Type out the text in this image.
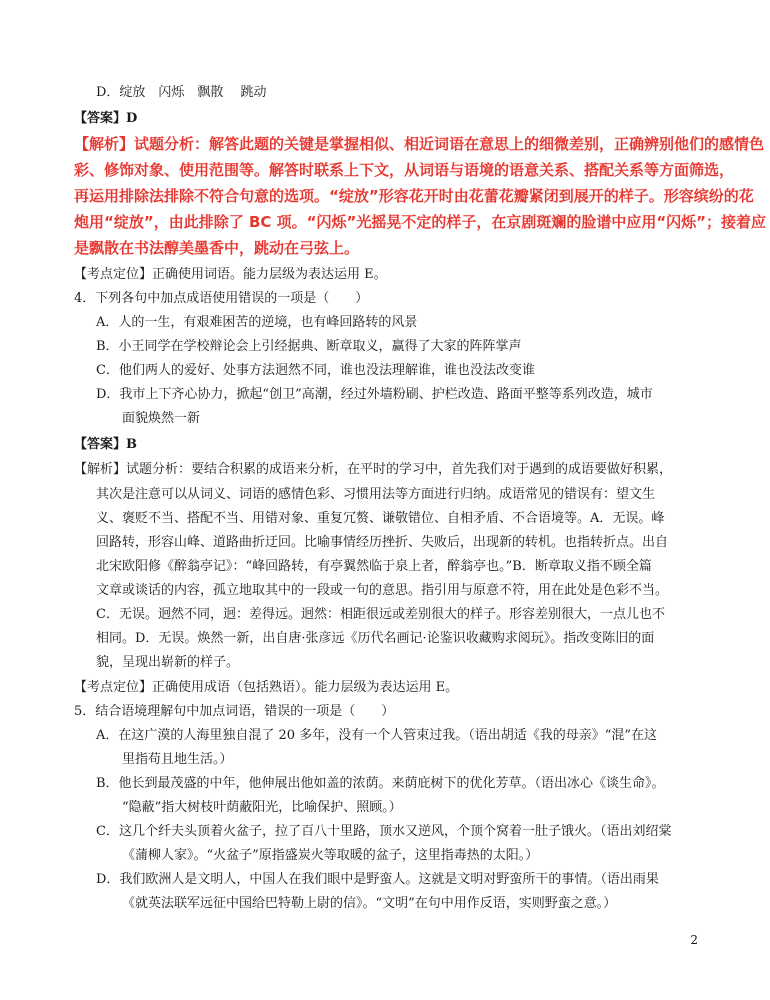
D．绽放　闪烁　飘散　 跳动
【答案】D
【解析】试题分析：解答此题的关键是掌握相似、相近词语在意思上的细微差别，正确辨别他们的感情色
彩、修饰对象、使用范围等。解答时联系上下文，从词语与语境的语意关系、搭配关系等方面筛选，
再运用排除法排除不符合句意的选项。“绽放”形容花开时由花蕾花瓣紧闭到展开的样子。形容缤纷的花
炮用“绽放”，由此排除了 BC 项。“闪烁”光摇晃不定的样子，在京剧斑斓的脸谱中应用“闪烁”；接着应
是飘散在书法醇美墨香中，跳动在弓弦上。
【考点定位】正确使用词语。能力层级为表达运用 E。
4．下列各句中加点成语使用错误的一项是（　　）
A．人的一生，有艰难困苦的逆境，也有峰回路转的风景
B．小王同学在学校辩论会上引经据典、断章取义，赢得了大家的阵阵掌声
C．他们两人的爱好、处事方法迥然不同，谁也没法理解谁，谁也没法改变谁
D．我市上下齐心协力，掀起“创卫”高潮，经过外墙粉刷、护栏改造、路面平整等系列改造，城市
面貌焕然一新
【答案】B
【解析】试题分析：要结合积累的成语来分析，在平时的学习中，首先我们对于遇到的成语要做好积累，
其次是注意可以从词义、词语的感情色彩、习惯用法等方面进行归纳。成语常见的错误有：望文生
义、褒贬不当、搭配不当、用错对象、重复冗赘、谦敬错位、自相矛盾、不合语境等。A．无误。峰
回路转，形容山峰、道路曲折迂回。比喻事情经历挫折、失败后，出现新的转机。也指转折点。出自
北宋欧阳修《醉翁亭记》：“峰回路转，有亭翼然临于泉上者，醉翁亭也。”B．断章取义指不顾全篇
文章或谈话的内容，孤立地取其中的一段或一句的意思。指引用与原意不符，用在此处是色彩不当。
C．无误。迥然不同，迥：差得远。迥然：相距很远或差别很大的样子。形容差别很大，一点儿也不
相同。D．无误。焕然一新，出自唐·张彦远《历代名画记·论鉴识收藏购求阅玩》。指改变陈旧的面
貌，呈现出崭新的样子。
【考点定位】正确使用成语（包括熟语）。能力层级为表达运用 E。
5．结合语境理解句中加点词语，错误的一项是（　　）
A．在这广漠的人海里独自混了 20 多年，没有一个人管束过我。（语出胡适《我的母亲》“混”在这
里指苟且地生活。）
B．他长到最茂盛的中年，他伸展出他如盖的浓荫。来荫庇树下的优化芳草。（语出冰心《谈生命》。
“隐蔽”指大树枝叶荫蔽阳光，比喻保护、照顾。）
C．这几个纤夫头顶着火盆子，拉了百八十里路，顶水又逆风，个顶个窝着一肚子饿火。（语出刘绍棠
《蒲柳人家》。“火盆子”原指盛炭火等取暖的盆子，这里指毒热的太阳。）
D．我们欧洲人是文明人，中国人在我们眼中是野蛮人。这就是文明对野蛮所干的事情。（语出雨果
《就英法联军远征中国给巴特勒上尉的信》。“文明”在句中用作反语，实则野蛮之意。）
2
